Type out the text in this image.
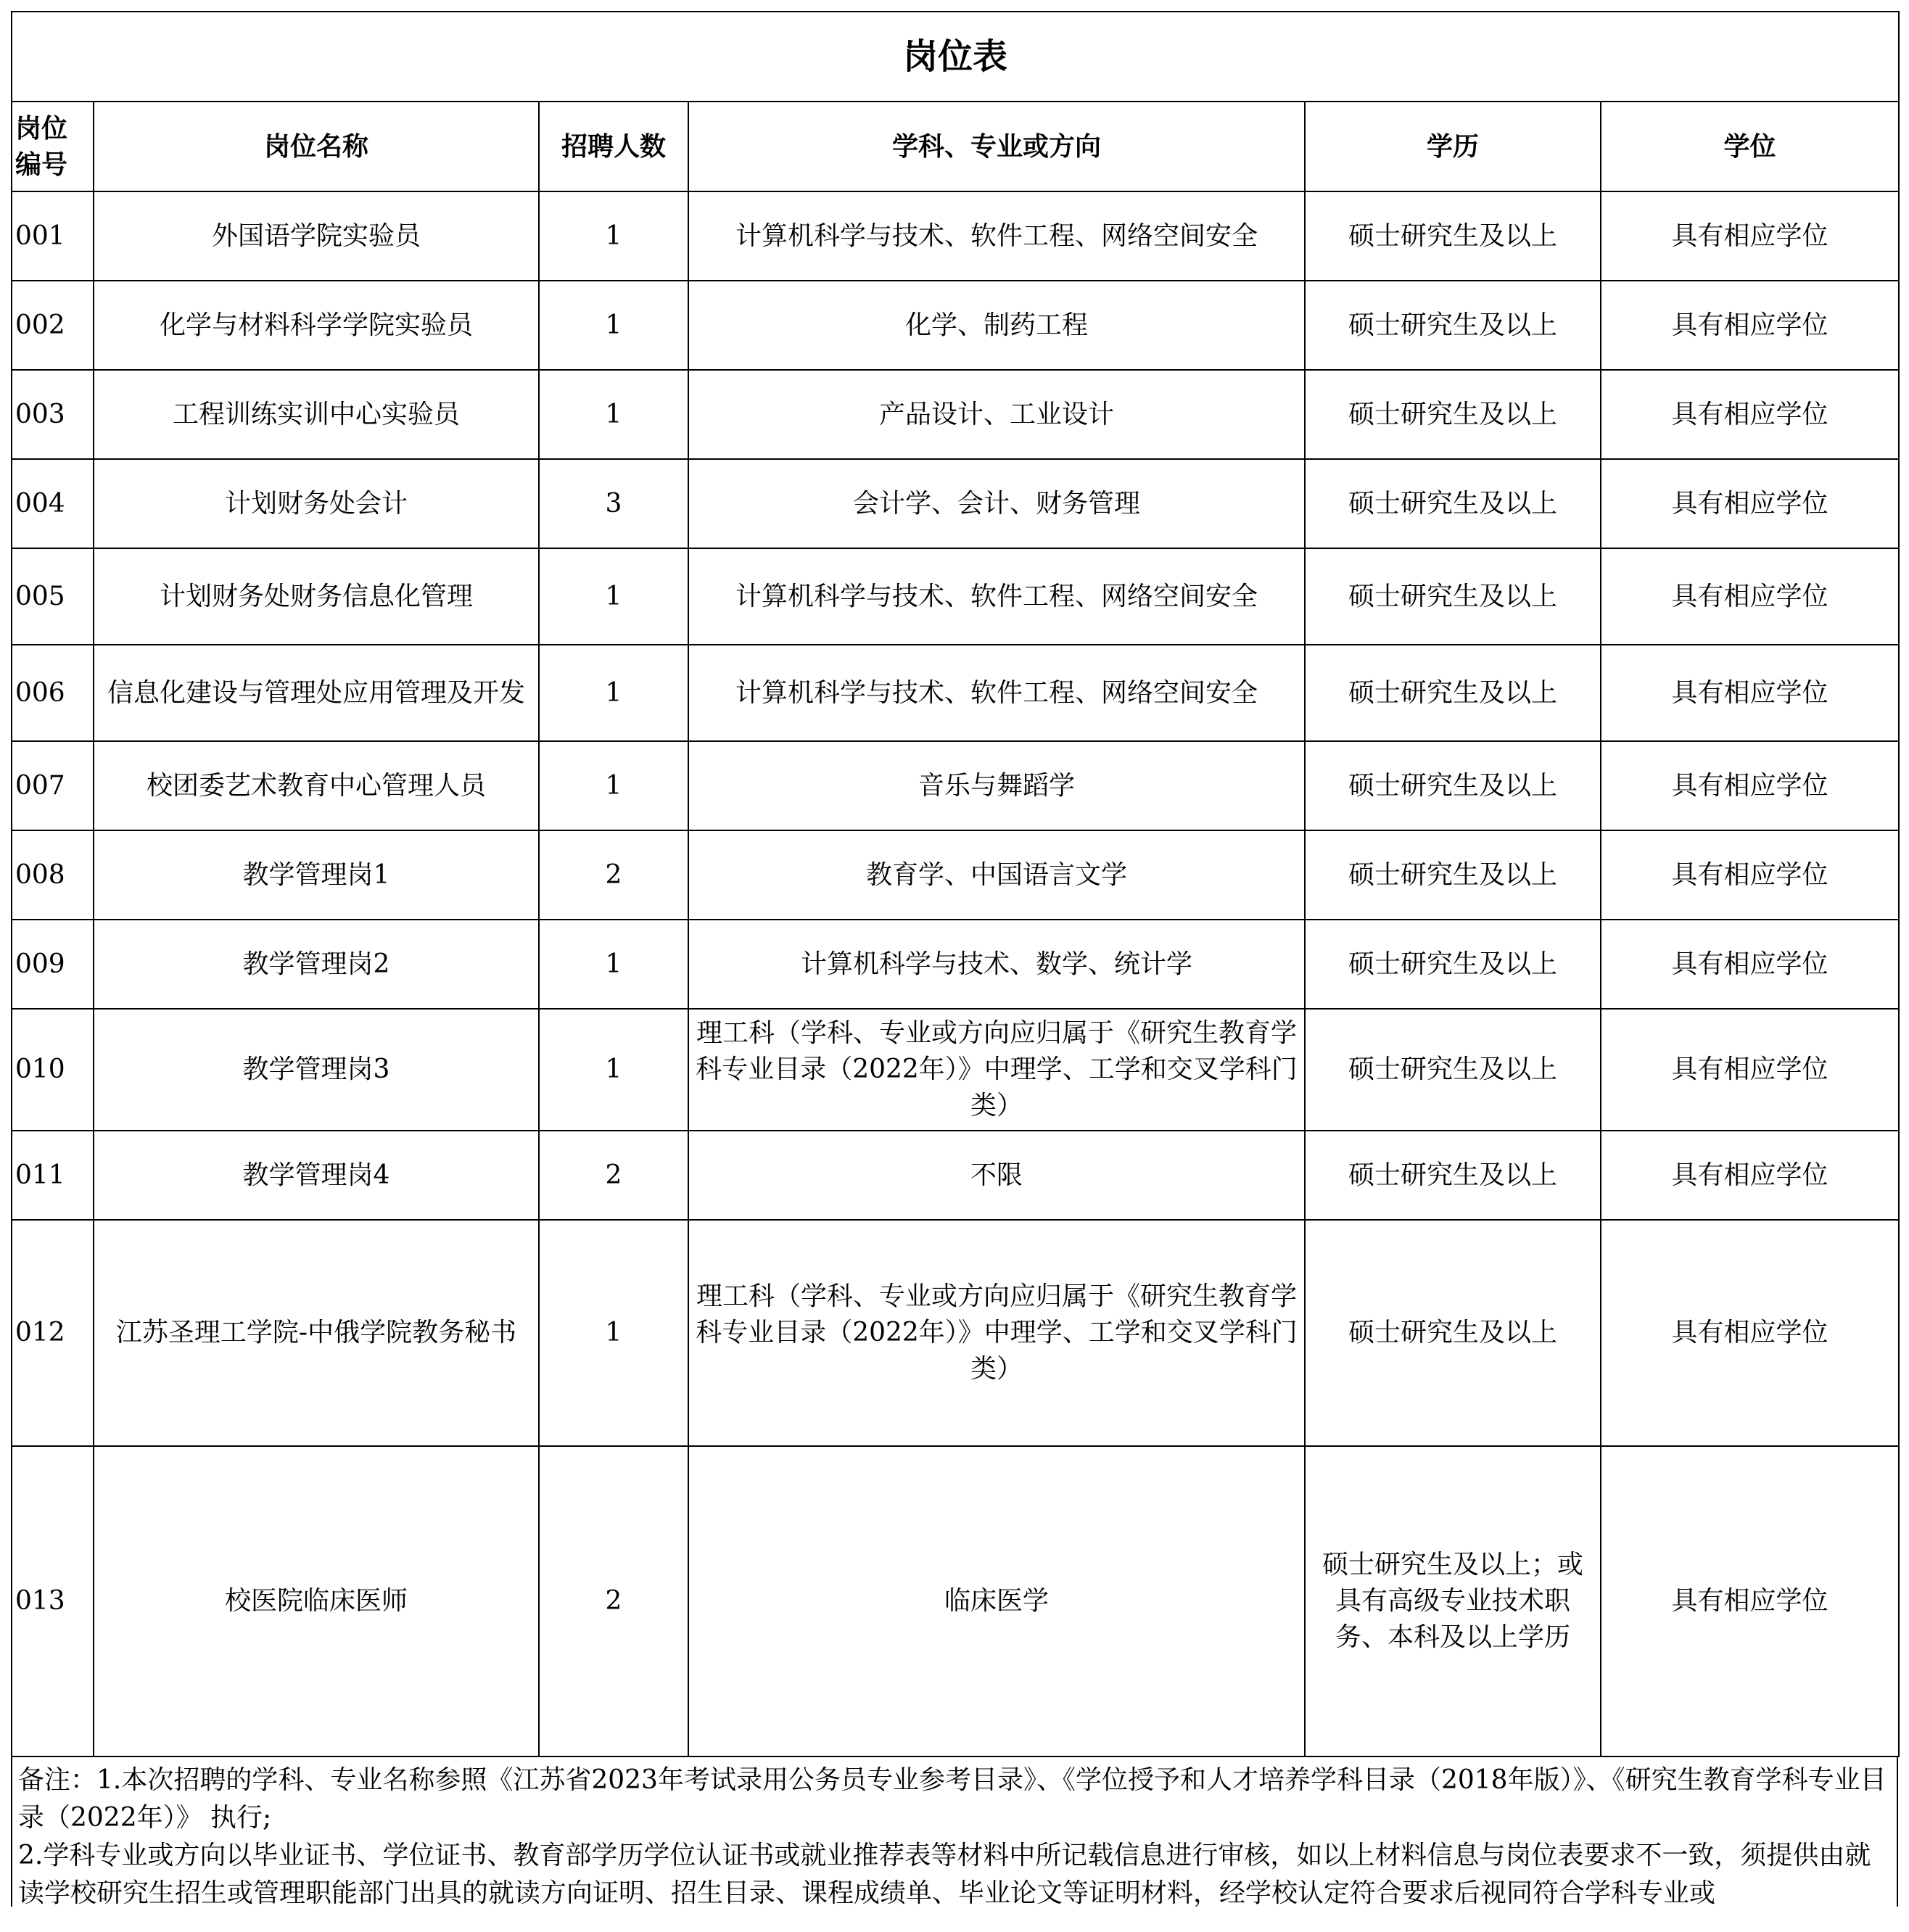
岗位表					
岗位编号	岗位名称	招聘人数	学科、专业或方向	学历	学位
001	外国语学院实验员	1	计算机科学与技术、软件工程、网络空间安全	硕士研究生及以上	具有相应学位
002	化学与材料科学学院实验员	1	化学、制药工程	硕士研究生及以上	具有相应学位
003	工程训练实训中心实验员	1	产品设计、工业设计	硕士研究生及以上	具有相应学位
004	计划财务处会计	3	会计学、会计、财务管理	硕士研究生及以上	具有相应学位
005	计划财务处财务信息化管理	1	计算机科学与技术、软件工程、网络空间安全	硕士研究生及以上	具有相应学位
006	信息化建设与管理处应用管理及开发	1	计算机科学与技术、软件工程、网络空间安全	硕士研究生及以上	具有相应学位
007	校团委艺术教育中心管理人员	1	音乐与舞蹈学	硕士研究生及以上	具有相应学位
008	教学管理岗1	2	教育学、中国语言文学	硕士研究生及以上	具有相应学位
009	教学管理岗2	1	计算机科学与技术、数学、统计学	硕士研究生及以上	具有相应学位
010	教学管理岗3	1	理工科（学科、专业或方向应归属于《研究生教育学科专业目录（2022年）》中理学、工学和交叉学科门类）	硕士研究生及以上	具有相应学位
011	教学管理岗4	2	不限	硕士研究生及以上	具有相应学位
012	江苏圣理工学院-中俄学院教务秘书	1	理工科（学科、专业或方向应归属于《研究生教育学科专业目录（2022年）》中理学、工学和交叉学科门类）	硕士研究生及以上	具有相应学位
013	校医院临床医师	2	临床医学	硕士研究生及以上；或具有高级专业技术职务、本科及以上学历	具有相应学位
备注：1.本次招聘的学科、专业名称参照《江苏省2023年考试录用公务员专业参考目录》、《学位授予和人才培养学科目录（2018年版）》、《研究生教育学科专业目录（2022年）》 执行;
2.学科专业或方向以毕业证书、学位证书、教育部学历学位认证书或就业推荐表等材料中所记载信息进行审核，如以上材料信息与岗位表要求不一致，须提供由就读学校研究生招生或管理职能部门出具的就读方向证明、招生目录、课程成绩单、毕业论文等证明材料，经学校认定符合要求后视同符合学科专业或
